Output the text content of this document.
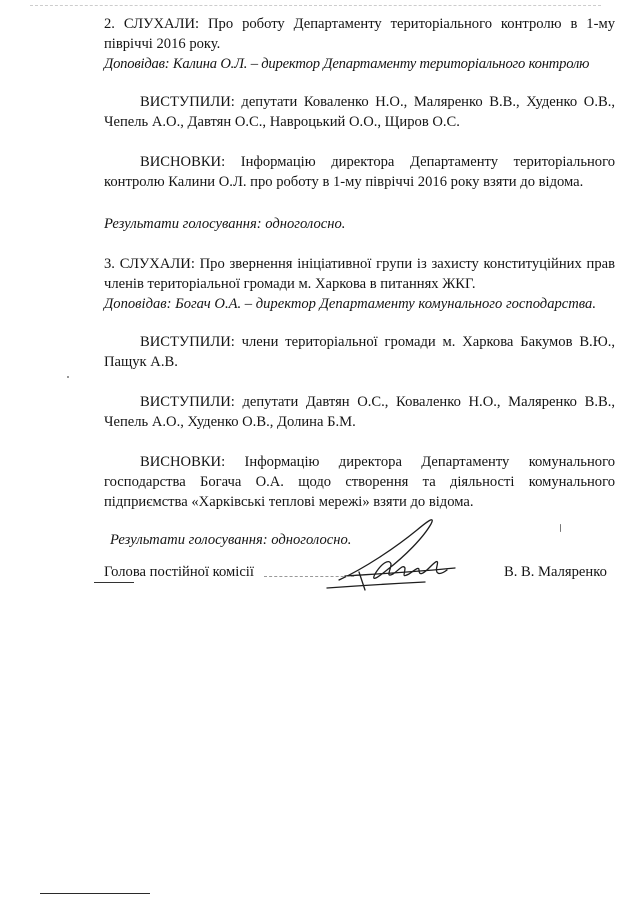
2. СЛУХАЛИ: Про роботу Департаменту територіального контролю в 1-му півріччі 2016 року.

Доповідав: Калина О.Л. – директор Департаменту територіального контролю

ВИСТУПИЛИ: депутати Коваленко Н.О., Маляренко В.В., Худенко О.В., Чепель А.О., Давтян О.С., Навроцький О.О., Щиров О.С.

ВИСНОВКИ: Інформацію директора Департаменту територіального контролю Калини О.Л. про роботу в 1-му півріччі 2016 року взяти до відома.

Результати голосування: одноголосно.

3. СЛУХАЛИ: Про звернення ініціативної групи із захисту конституційних прав членів територіальної громади м. Харкова в питаннях ЖКГ.

Доповідав: Богач О.А. – директор Департаменту комунального господарства.

ВИСТУПИЛИ: члени територіальної громади м. Харкова Бакумов В.Ю., Пащук А.В.

ВИСТУПИЛИ: депутати Давтян О.С., Коваленко Н.О., Маляренко В.В., Чепель А.О., Худенко О.В., Долина Б.М.

ВИСНОВКИ: Інформацію директора Департаменту комунального господарства Богача О.А. щодо створення та діяльності комунального підприємства «Харківські теплові мережі» взяти до відома.

Результати голосування: одноголосно.

Голова постійної комісії	В. В. Маляренко
